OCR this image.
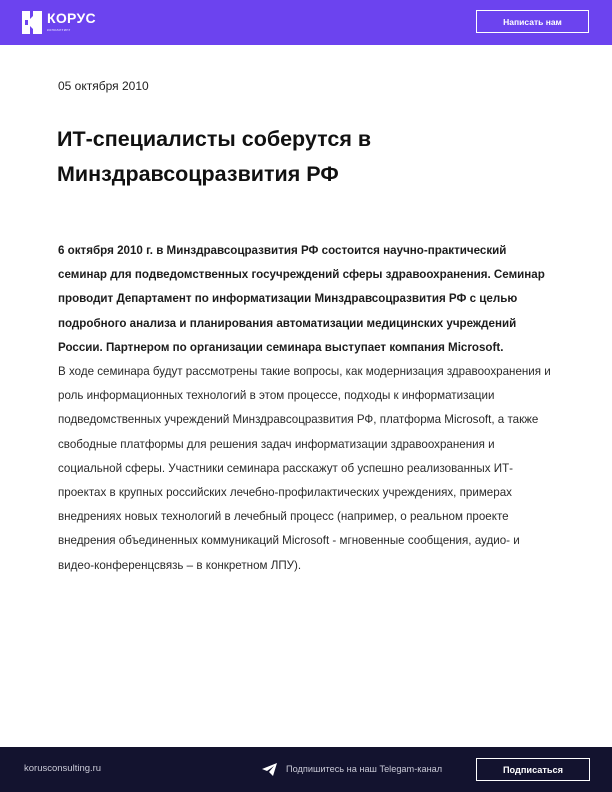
КОРУС
консалтинг
Написать нам
05 октября 2010
ИТ-специалисты соберутся в Минздравсоцразвития РФ

6 октября 2010 г. в Минздравсоцразвития РФ состоится научно-практический семинар для подведомственных госучреждений сферы здравоохранения. Семинар проводит Департамент по информатизации Минздравсоцразвития РФ с целью подробного анализа и планирования автоматизации медицинских учреждений России. Партнером по организации семинара выступает компания Microsoft.

В ходе семинара будут рассмотрены такие вопросы, как модернизация здравоохранения и роль информационных технологий в этом процессе, подходы к информатизации подведомственных учреждений Минздравсоцразвития РФ, платформа Microsoft, а также свободные платформы для решения задач информатизации здравоохранения и социальной сферы. Участники семинара расскажут об успешно реализованных ИТ-проектах в крупных российских лечебно-профилактических учреждениях, примерах внедрениях новых технологий в лечебный процесс (например, о реальном проекте внедрения объединенных коммуникаций Microsoft - мгновенные сообщения, аудио- и видео-конференцсвязь – в конкретном ЛПУ).

korusconsulting.ru	Подпишитесь на наш Telegam-канал	Подписаться
